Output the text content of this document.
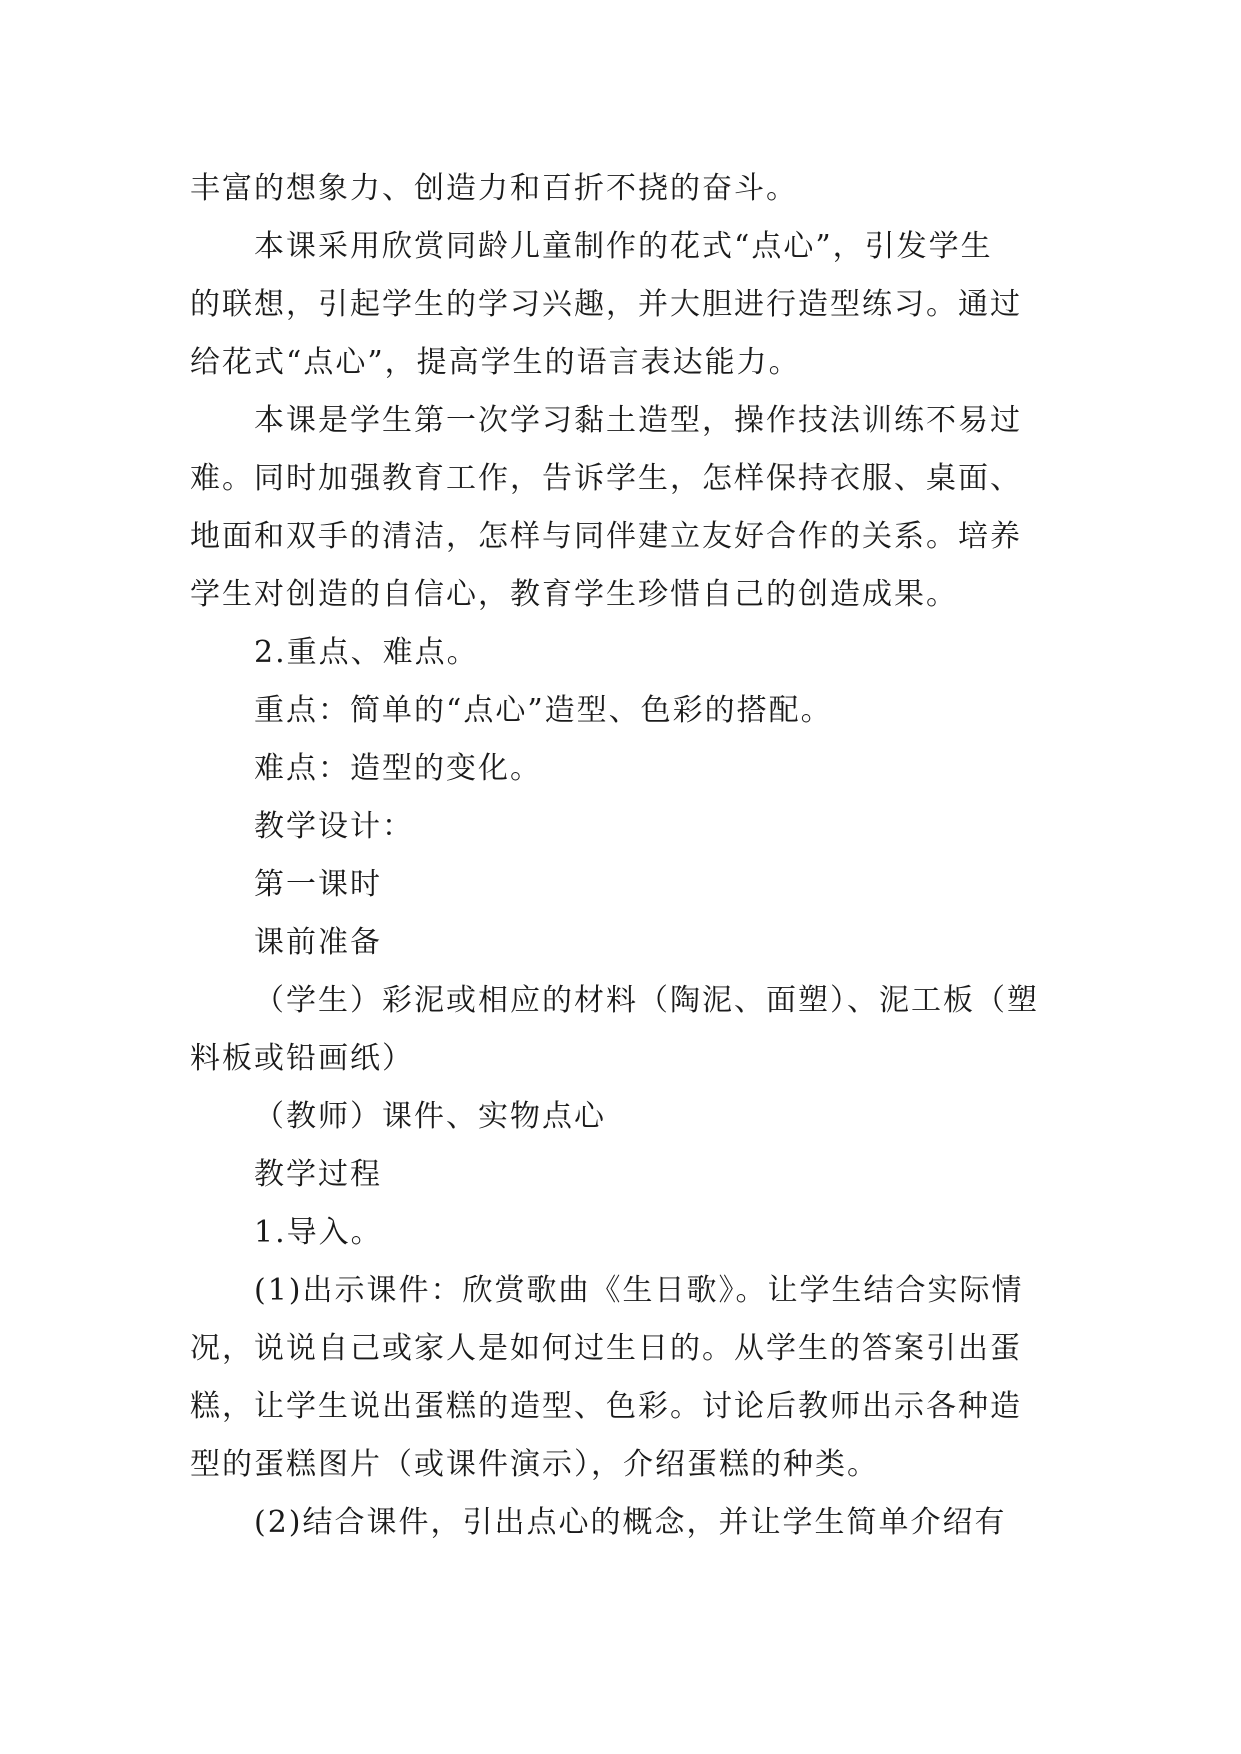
丰富的想象力、创造力和百折不挠的奋斗。
本课采用欣赏同龄儿童制作的花式“点心”，引发学生
的联想，引起学生的学习兴趣，并大胆进行造型练习。通过
给花式“点心”，提高学生的语言表达能力。
本课是学生第一次学习黏土造型，操作技法训练不易过
难。同时加强教育工作，告诉学生，怎样保持衣服、桌面、
地面和双手的清洁，怎样与同伴建立友好合作的关系。培养
学生对创造的自信心，教育学生珍惜自己的创造成果。
2.重点、难点。
重点：简单的“点心”造型、色彩的搭配。
难点：造型的变化。
教学设计：
第一课时
课前准备
（学生）彩泥或相应的材料（陶泥、面塑）、泥工板（塑
料板或铅画纸）
（教师）课件、实物点心
教学过程
1.导入。
(1)出示课件：欣赏歌曲《生日歌》。让学生结合实际情
况，说说自己或家人是如何过生日的。从学生的答案引出蛋
糕，让学生说出蛋糕的造型、色彩。讨论后教师出示各种造
型的蛋糕图片（或课件演示），介绍蛋糕的种类。
(2)结合课件，引出点心的概念，并让学生简单介绍有
